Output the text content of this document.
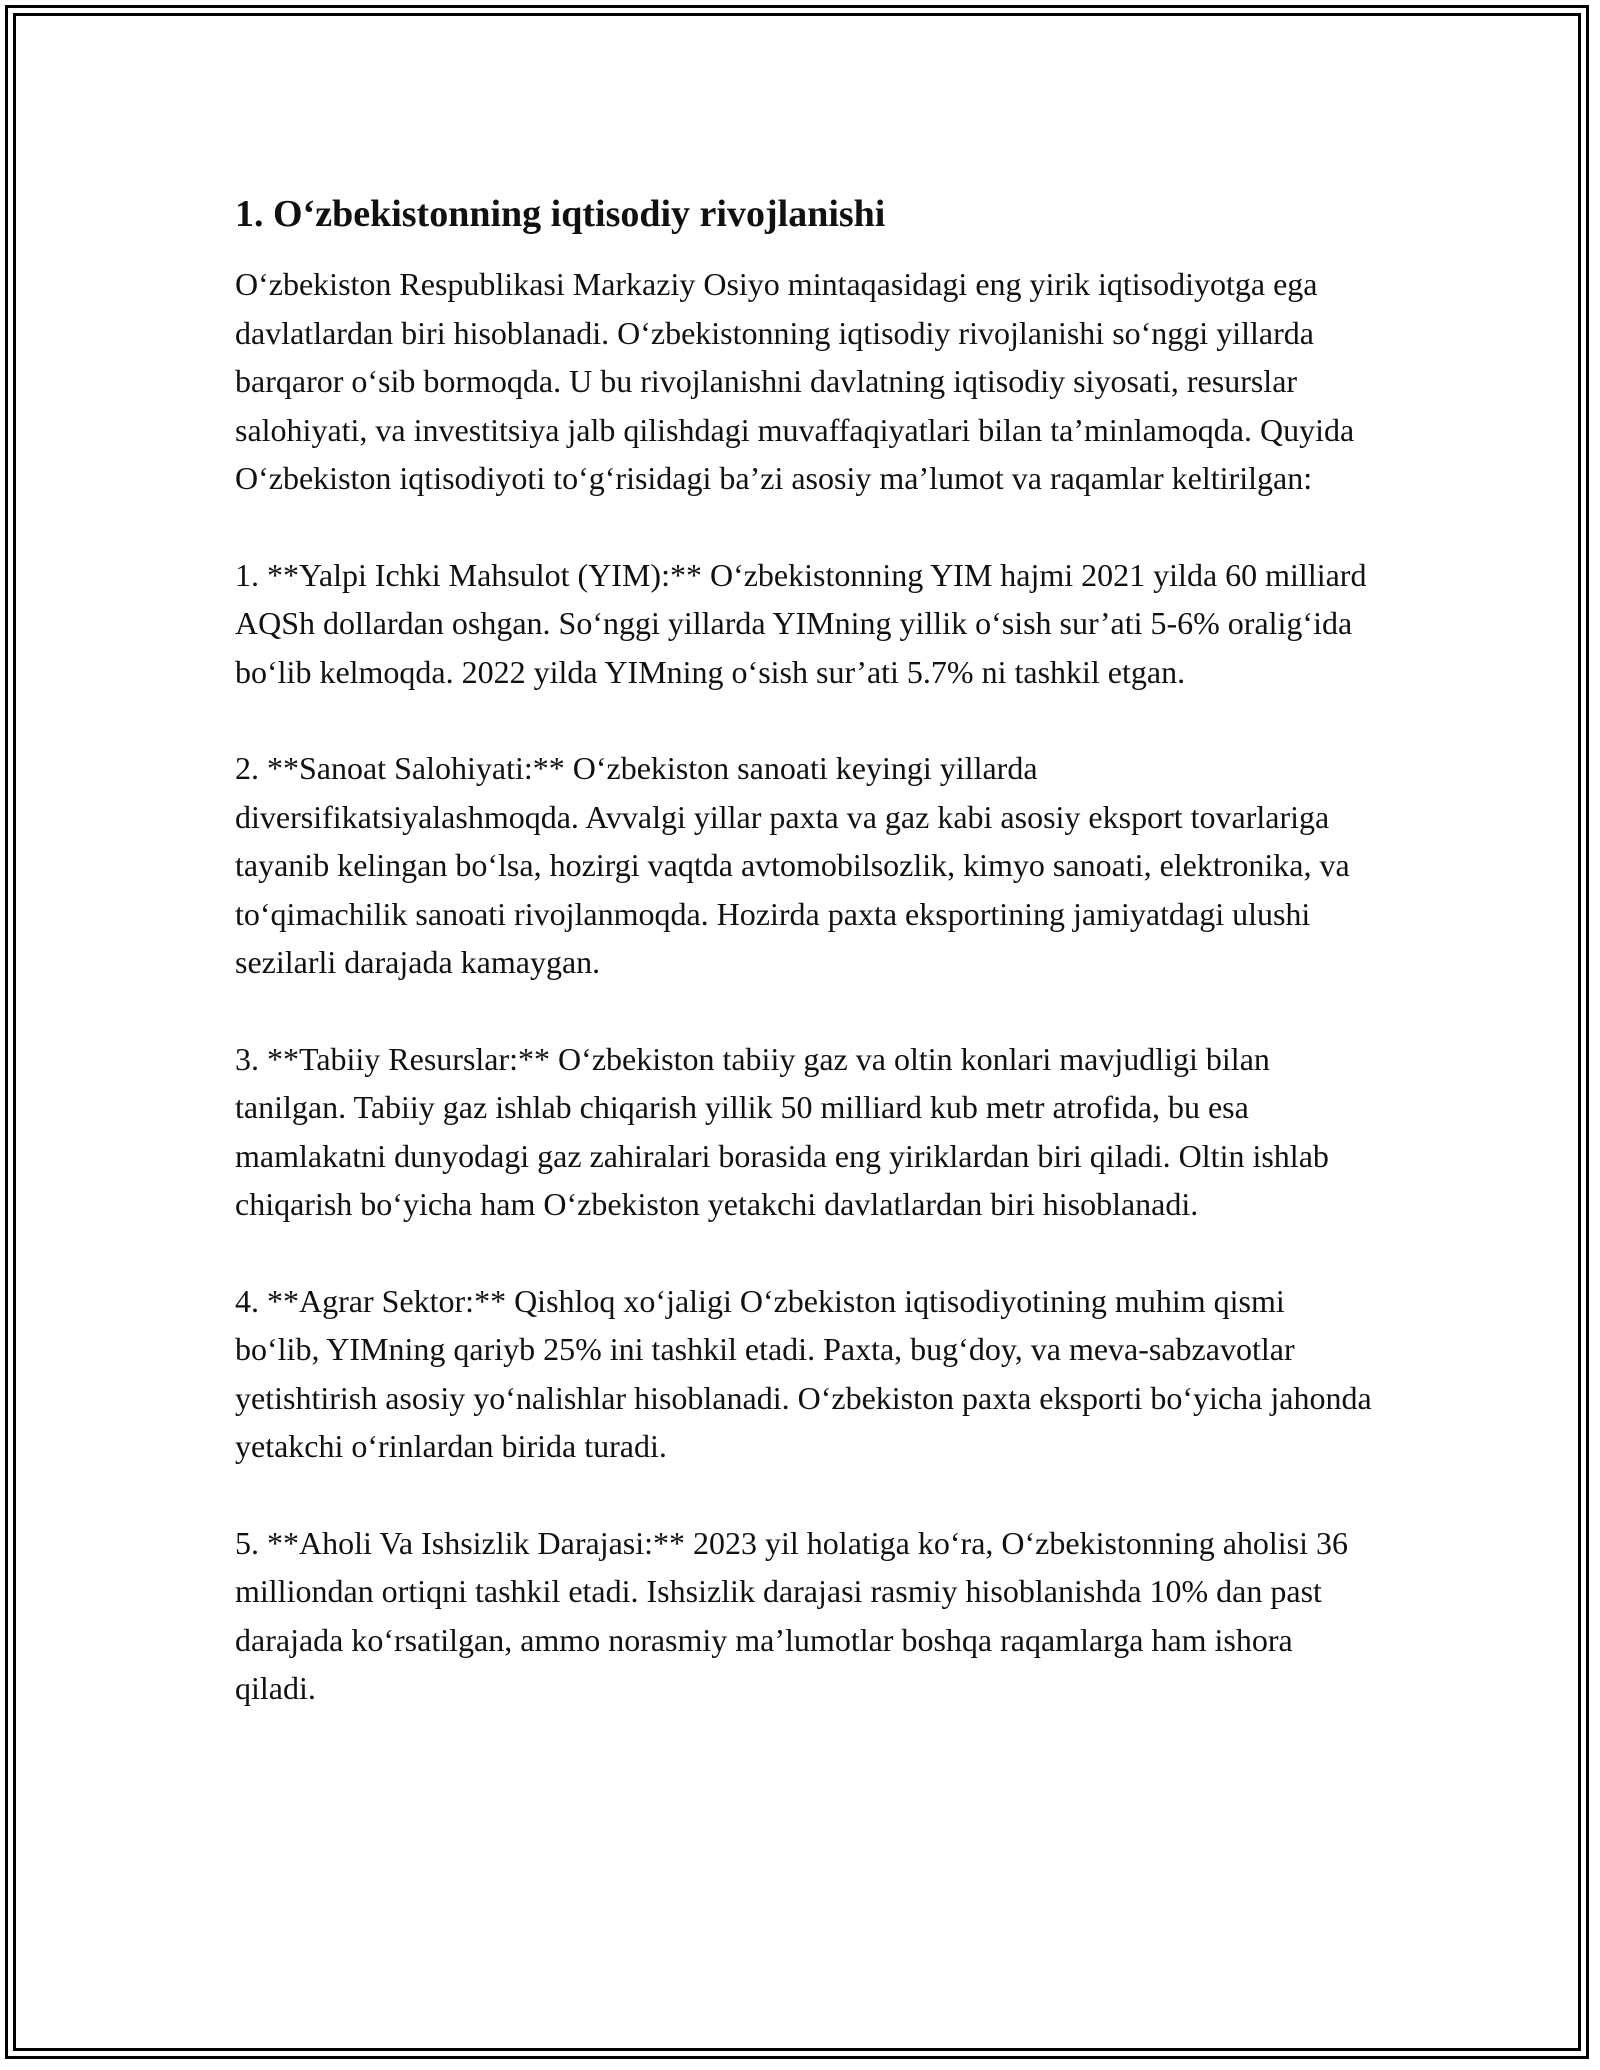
1. O‘zbekistonning iqtisodiy rivojlanishi

O‘zbekiston Respublikasi Markaziy Osiyo mintaqasidagi eng yirik iqtisodiyotga ega davlatlardan biri hisoblanadi. O‘zbekistonning iqtisodiy rivojlanishi so‘nggi yillarda barqaror o‘sib bormoqda. U bu rivojlanishni davlatning iqtisodiy siyosati, resurslar salohiyati, va investitsiya jalb qilishdagi muvaffaqiyatlari bilan ta’minlamoqda. Quyida O‘zbekiston iqtisodiyoti to‘g‘risidagi ba’zi asosiy ma’lumot va raqamlar keltirilgan:

1. **Yalpi Ichki Mahsulot (YIM):** O‘zbekistonning YIM hajmi 2021 yilda 60 milliard AQSh dollardan oshgan. So‘nggi yillarda YIMning yillik o‘sish sur’ati 5-6% oralig‘ida bo‘lib kelmoqda. 2022 yilda YIMning o‘sish sur’ati 5.7% ni tashkil etgan.

2. **Sanoat Salohiyati:** O‘zbekiston sanoati keyingi yillarda diversifikatsiyalashmoqda. Avvalgi yillar paxta va gaz kabi asosiy eksport tovarlariga tayanib kelingan bo‘lsa, hozirgi vaqtda avtomobilsozlik, kimyo sanoati, elektronika, va to‘qimachilik sanoati rivojlanmoqda. Hozirda paxta eksportining jamiyatdagi ulushi sezilarli darajada kamaygan.

3. **Tabiiy Resurslar:** O‘zbekiston tabiiy gaz va oltin konlari mavjudligi bilan tanilgan. Tabiiy gaz ishlab chiqarish yillik 50 milliard kub metr atrofida, bu esa mamlakatni dunyodagi gaz zahiralari borasida eng yiriklardan biri qiladi. Oltin ishlab chiqarish bo‘yicha ham O‘zbekiston yetakchi davlatlardan biri hisoblanadi.

4. **Agrar Sektor:** Qishloq xo‘jaligi O‘zbekiston iqtisodiyotining muhim qismi bo‘lib, YIMning qariyb 25% ini tashkil etadi. Paxta, bug‘doy, va meva-sabzavotlar yetishtirish asosiy yo‘nalishlar hisoblanadi. O‘zbekiston paxta eksporti bo‘yicha jahonda yetakchi o‘rinlardan birida turadi.

5. **Aholi Va Ishsizlik Darajasi:** 2023 yil holatiga ko‘ra, O‘zbekistonning aholisi 36 milliondan ortiqni tashkil etadi. Ishsizlik darajasi rasmiy hisoblanishda 10% dan past darajada ko‘rsatilgan, ammo norasmiy ma’lumotlar boshqa raqamlarga ham ishora qiladi.
